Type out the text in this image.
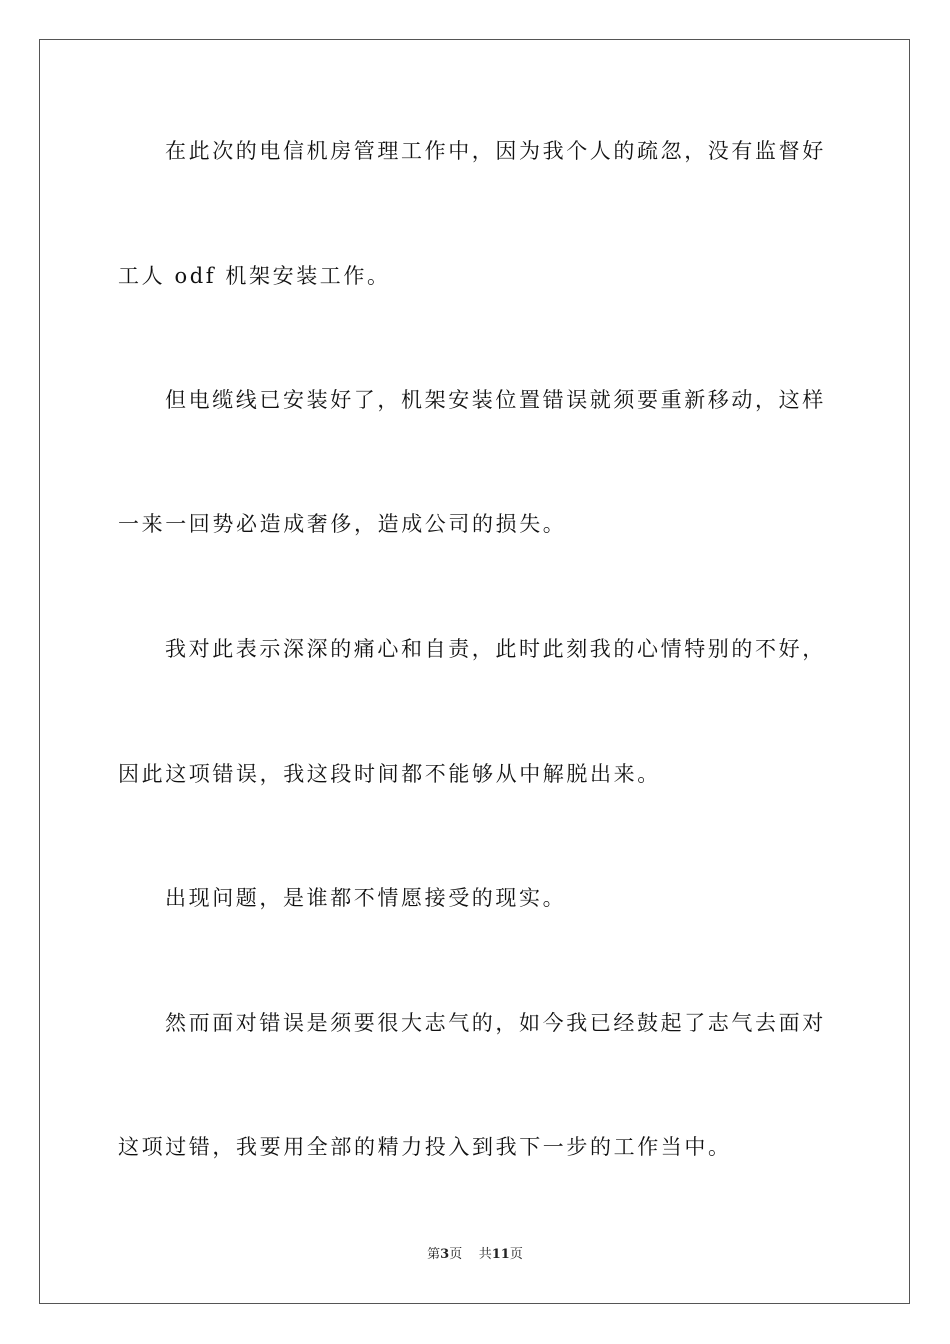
在此次的电信机房管理工作中，因为我个人的疏忽，没有监督好
工人 odf 机架安装工作。
但电缆线已安装好了，机架安装位置错误就须要重新移动，这样
一来一回势必造成奢侈，造成公司的损失。
我对此表示深深的痛心和自责，此时此刻我的心情特别的不好，
因此这项错误，我这段时间都不能够从中解脱出来。
出现问题，是谁都不情愿接受的现实。
然而面对错误是须要很大志气的，如今我已经鼓起了志气去面对
这项过错，我要用全部的精力投入到我下一步的工作当中。
第3页 共11页
